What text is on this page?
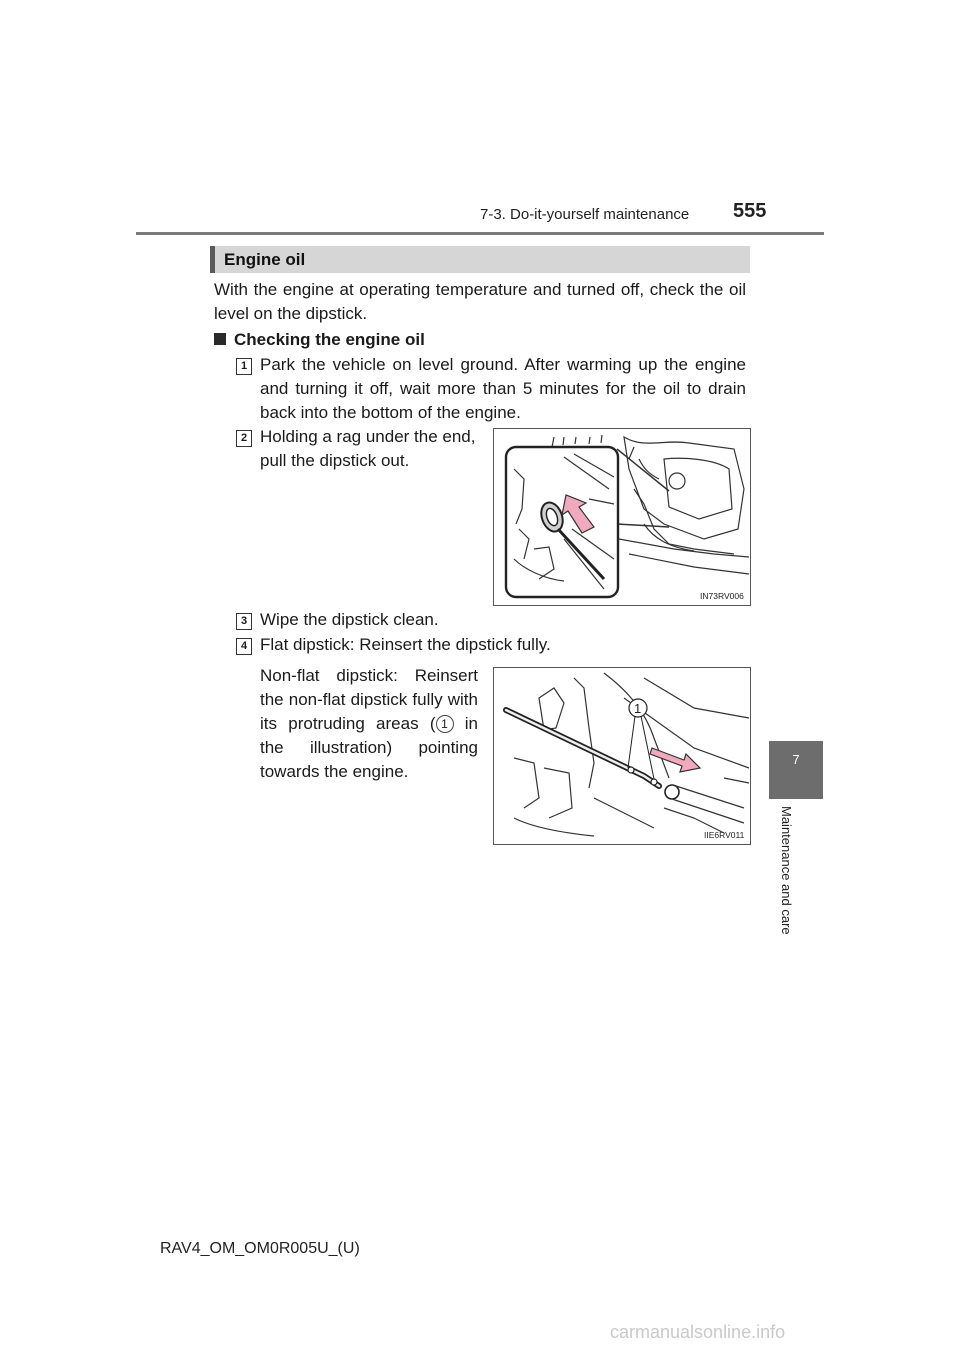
7-3. Do-it-yourself maintenance 555
7
Maintenance and care
Engine oil
With the engine at operating temperature and turned off, check the oil level on the dipstick.
Checking the engine oil
1 Park the vehicle on level ground. After warming up the engine and turning it off, wait more than 5 minutes for the oil to drain back into the bottom of the engine.
2 Holding a rag under the end, pull the dipstick out.
IN73RV006
3 Wipe the dipstick clean.
4 Flat dipstick: Reinsert the dipstick fully.
Non-flat dipstick: Reinsert the non-flat dipstick fully with its protruding areas ( 1 in the illustration) pointing towards the engine.
1
IIE6RV011
RAV4_OM_OM0R005U_(U)
carmanualsonline.info
